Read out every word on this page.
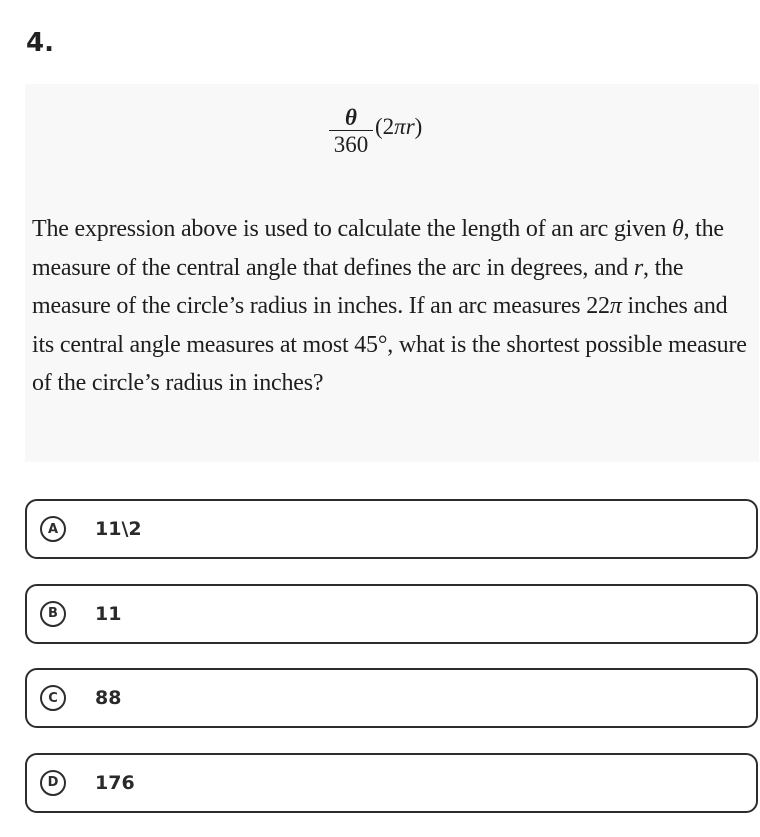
4.
$\frac{\theta}{360} (2\pi r)$
The expression above is used to calculate the length of an arc given θ, the measure of the central angle that defines the arc in degrees, and r, the measure of the circle’s radius in inches. If an arc measures 22π inches and its central angle measures at most 45°, what is the shortest possible measure of the circle’s radius in inches?
A	11\2
B	11
C	88
D	176
